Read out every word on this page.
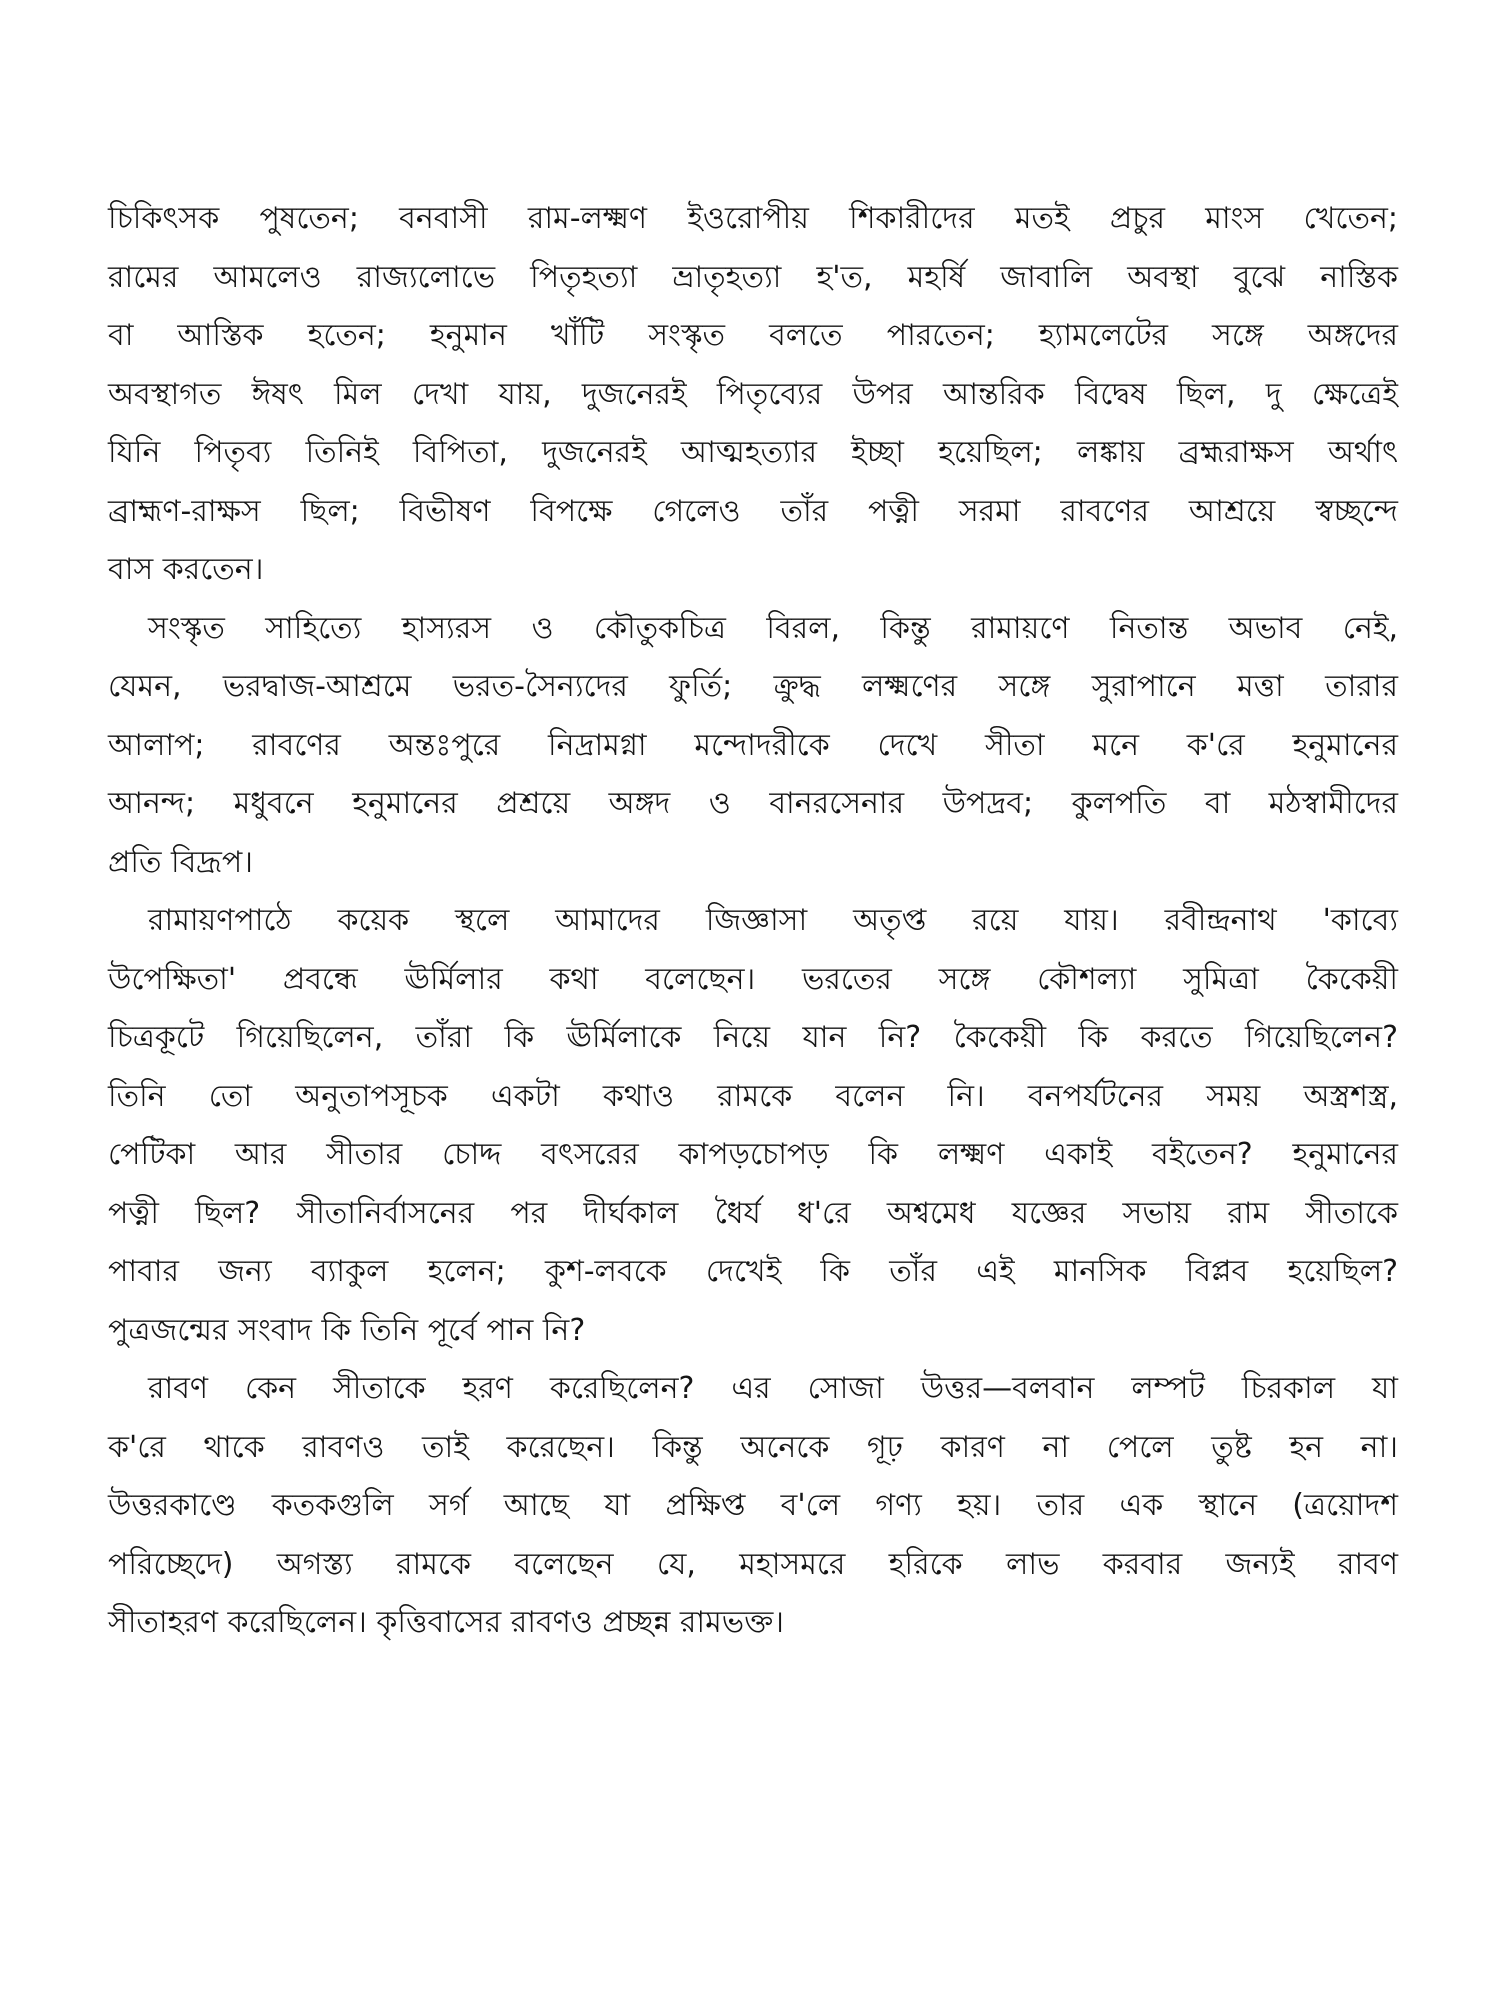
চিকিৎসক পুষতেন; বনবাসী রাম-লক্ষ্মণ ইওরোপীয় শিকারীদের মতই প্রচুর মাংস খেতেন;
রামের আমলেও রাজ্যলোভে পিতৃহত্যা ভ্রাতৃহত্যা হ'ত, মহর্ষি জাবালি অবস্থা বুঝে নাস্তিক
বা আস্তিক হতেন; হনুমান খাঁটি সংস্কৃত বলতে পারতেন; হ্যামলেটের সঙ্গে অঙ্গদের
অবস্থাগত ঈষৎ মিল দেখা যায়, দুজনেরই পিতৃব্যের উপর আন্তরিক বিদ্বেষ ছিল, দু ক্ষেত্রেই
যিনি পিতৃব্য তিনিই বিপিতা, দুজনেরই আত্মহত্যার ইচ্ছা হয়েছিল; লঙ্কায় ব্রহ্মরাক্ষস অর্থাৎ
ব্রাহ্মণ-রাক্ষস ছিল; বিভীষণ বিপক্ষে গেলেও তাঁর পত্নী সরমা রাবণের আশ্রয়ে স্বচ্ছন্দে
বাস করতেন।
সংস্কৃত সাহিত্যে হাস্যরস ও কৌতুকচিত্র বিরল, কিন্তু রামায়ণে নিতান্ত অভাব নেই,
যেমন, ভরদ্বাজ-আশ্রমে ভরত-সৈন্যদের ফুর্তি; ক্রুদ্ধ লক্ষ্মণের সঙ্গে সুরাপানে মত্তা তারার
আলাপ; রাবণের অন্তঃপুরে নিদ্রামগ্না মন্দোদরীকে দেখে সীতা মনে ক'রে হনুমানের
আনন্দ; মধুবনে হনুমানের প্রশ্রয়ে অঙ্গদ ও বানরসেনার উপদ্রব; কুলপতি বা মঠস্বামীদের
প্রতি বিদ্রূপ।
রামায়ণপাঠে কয়েক স্থলে আমাদের জিজ্ঞাসা অতৃপ্ত রয়ে যায়। রবীন্দ্রনাথ 'কাব্যে
উপেক্ষিতা' প্রবন্ধে ঊর্মিলার কথা বলেছেন। ভরতের সঙ্গে কৌশল্যা সুমিত্রা কৈকেয়ী
চিত্রকূটে গিয়েছিলেন, তাঁরা কি ঊর্মিলাকে নিয়ে যান নি? কৈকেয়ী কি করতে গিয়েছিলেন?
তিনি তো অনুতাপসূচক একটা কথাও রামকে বলেন নি। বনপর্যটনের সময় অস্ত্রশস্ত্র,
পেটিকা আর সীতার চোদ্দ বৎসরের কাপড়চোপড় কি লক্ষ্মণ একাই বইতেন? হনুমানের
পত্নী ছিল? সীতানির্বাসনের পর দীর্ঘকাল ধৈর্য ধ'রে অশ্বমেধ যজ্ঞের সভায় রাম সীতাকে
পাবার জন্য ব্যাকুল হলেন; কুশ-লবকে দেখেই কি তাঁর এই মানসিক বিপ্লব হয়েছিল?
পুত্রজন্মের সংবাদ কি তিনি পূর্বে পান নি?
রাবণ কেন সীতাকে হরণ করেছিলেন? এর সোজা উত্তর—বলবান লম্পট চিরকাল যা
ক'রে থাকে রাবণও তাই করেছেন। কিন্তু অনেকে গূঢ় কারণ না পেলে তুষ্ট হন না।
উত্তরকাণ্ডে কতকগুলি সর্গ আছে যা প্রক্ষিপ্ত ব'লে গণ্য হয়। তার এক স্থানে (ত্রয়োদশ
পরিচ্ছেদে) অগস্ত্য রামকে বলেছেন যে, মহাসমরে হরিকে লাভ করবার জন্যই রাবণ
সীতাহরণ করেছিলেন। কৃত্তিবাসের রাবণও প্রচ্ছন্ন রামভক্ত।
